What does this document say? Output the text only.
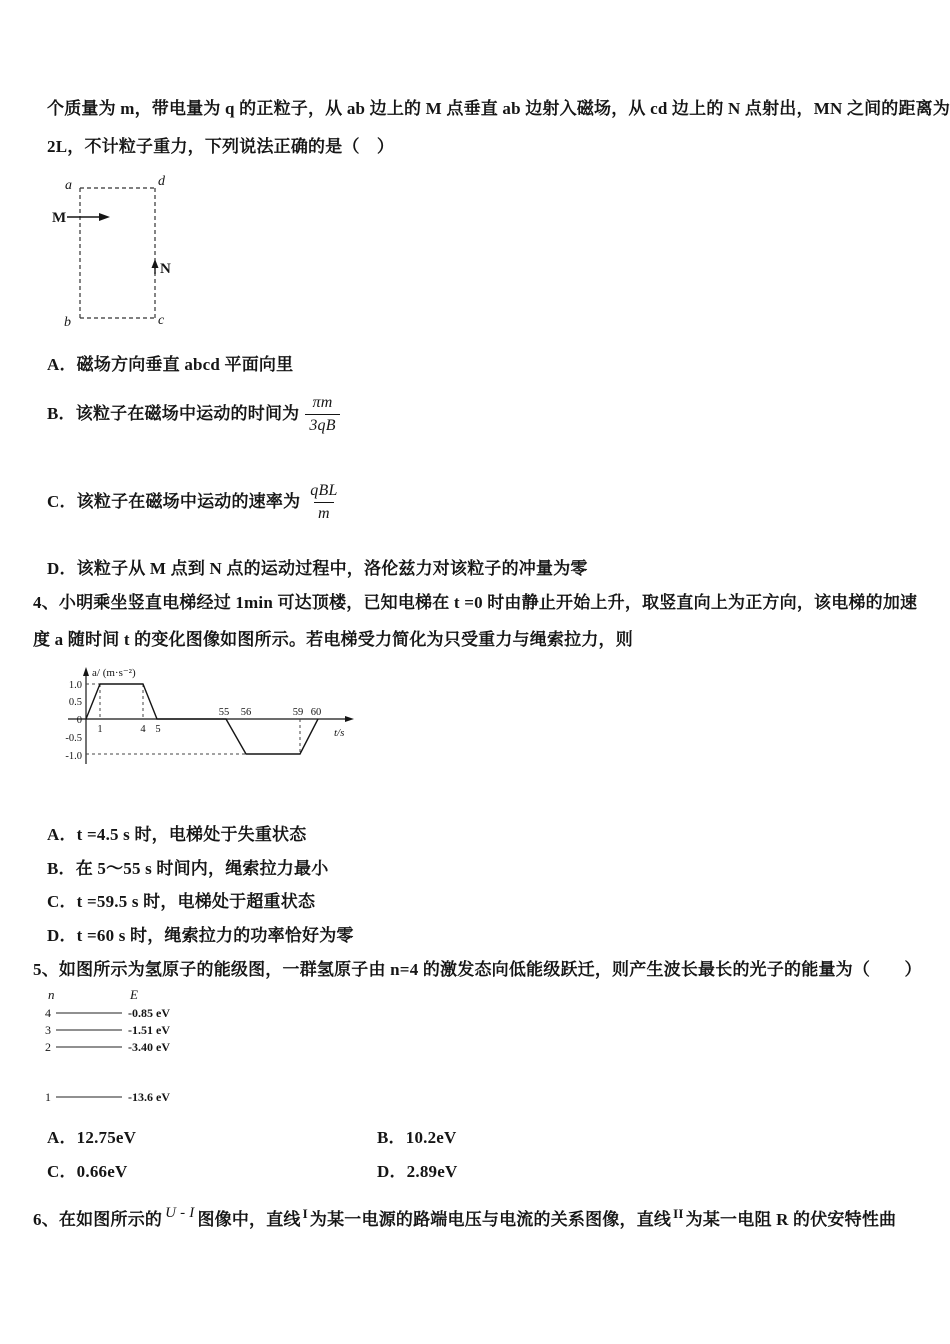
个质量为 m，带电量为 q 的正粒子，从 ab 边上的 M 点垂直 ab 边射入磁场，从 cd 边上的 N 点射出，MN 之间的距离为
2L，不计粒子重力，下列说法正确的是（　）
a	d
b	c
M
N
A．磁场方向垂直 abcd 平面向里
B．该粒子在磁场中运动的时间为 $\frac{\pi m}{3qB}$
C．该粒子在磁场中运动的速率为 $\frac{\text{qBL}}{m}$
D．该粒子从 M 点到 N 点的运动过程中，洛伦兹力对该粒子的冲量为零
4、小明乘坐竖直电梯经过 1min 可达顶楼，已知电梯在 t =0 时由静止开始上升，取竖直向上为正方向，该电梯的加速
度 a 随时间 t 的变化图像如图所示。若电梯受力简化为只受重力与绳索拉力，则
a/ (m·s⁻²)
t/s
1.0
0.5
0
-0.5
-1.0
1	4 5
55 56	59 60
A．t =4.5 s 时，电梯处于失重状态
B．在 5～55 s 时间内，绳索拉力最小
C．t =59.5 s 时，电梯处于超重状态
D．t =60 s 时，绳索拉力的功率恰好为零
5、如图所示为氢原子的能级图，一群氢原子由 n=4 的激发态向低能级跃迁，则产生波长最长的光子的能量为（　　）
n	E
4	-0.85 eV
3	-1.51 eV
2	-3.40 eV
1	-13.6 eV
A．12.75eV	B．10.2eV
C．0.66eV	D．2.89eV
6、在如图所示的 U - I 图像中，直线 $^I$ 为某一电源的路端电压与电流的关系图像，直线 $^{II}$ 为某一电阻 R 的伏安特性曲
